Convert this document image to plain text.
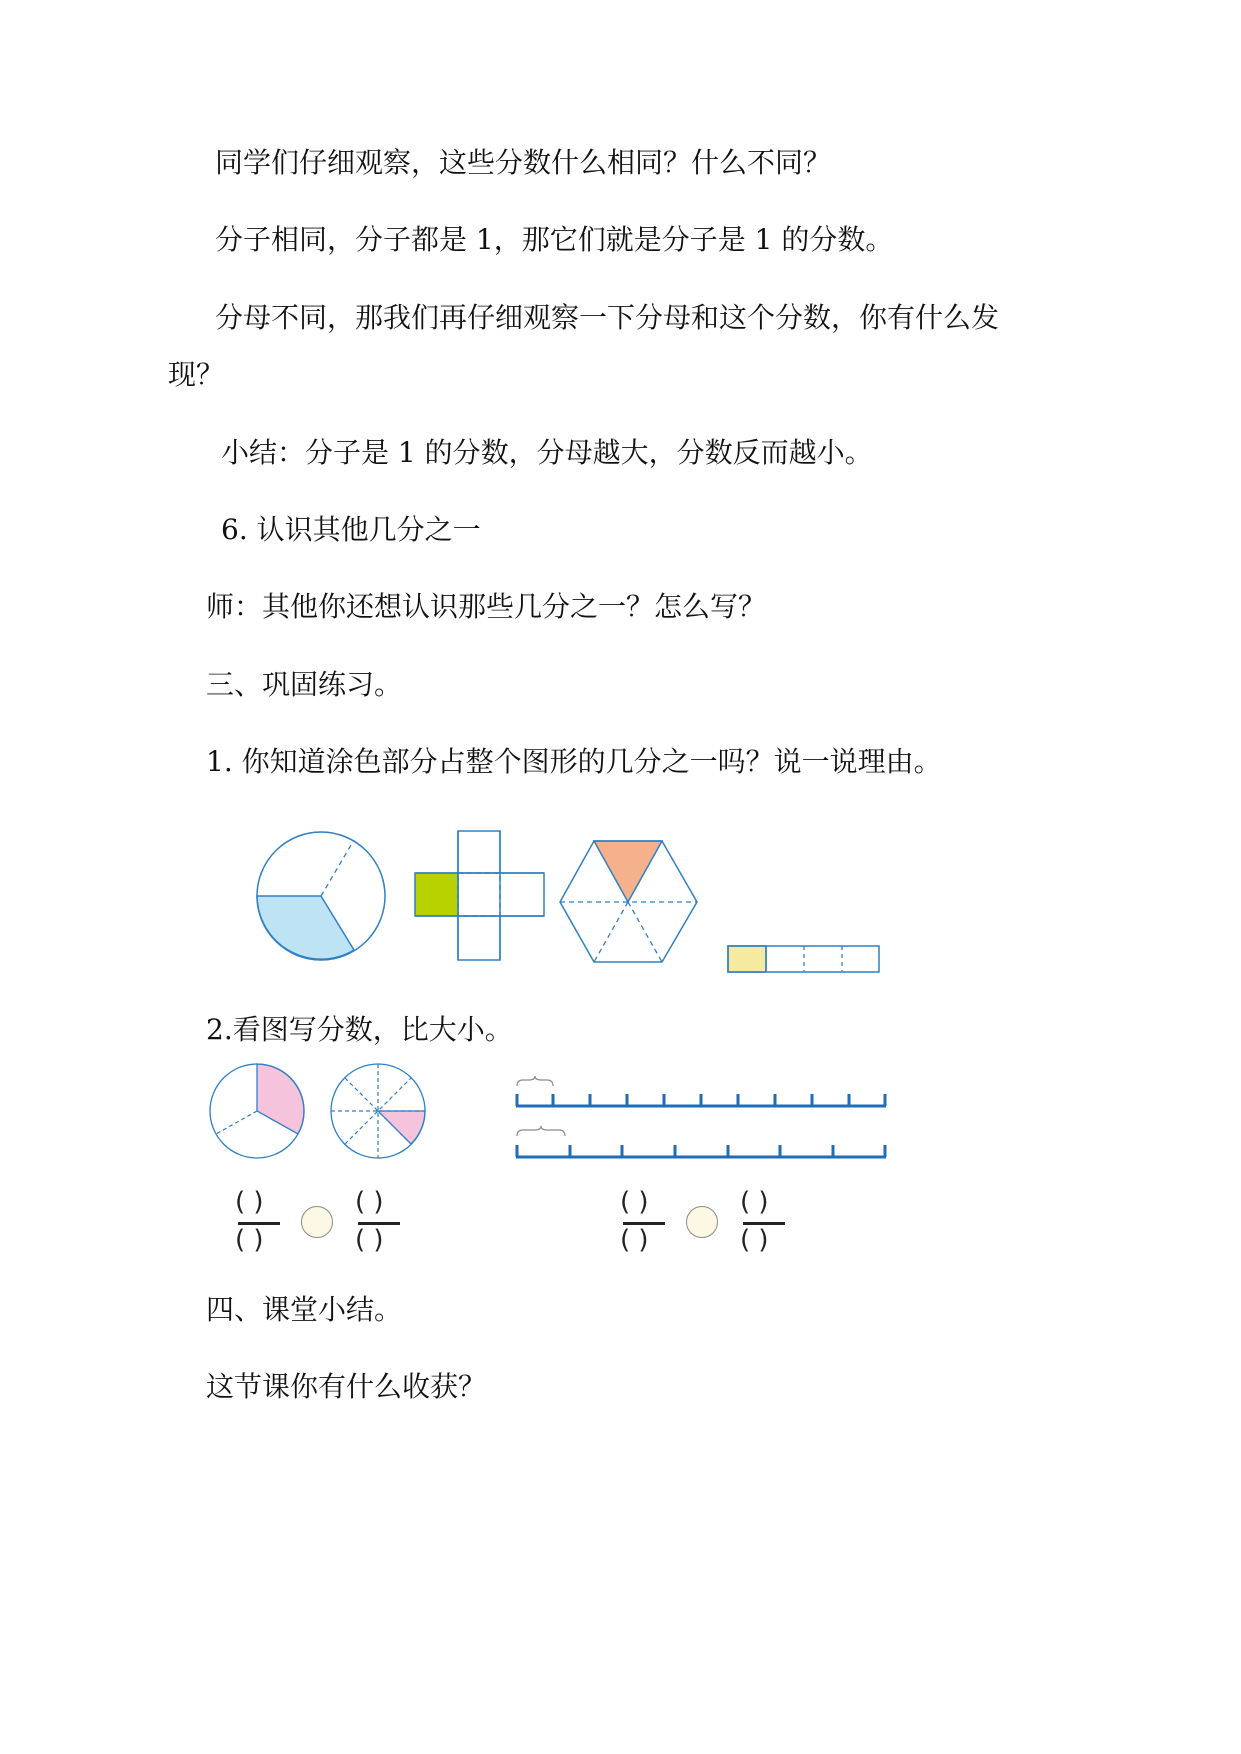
同学们仔细观察，这些分数什么相同？什么不同？
分子相同，分子都是 1，那它们就是分子是 1 的分数。
分母不同，那我们再仔细观察一下分母和这个分数，你有什么发
现？
小结：分子是 1 的分数，分母越大，分数反而越小。
6. 认识其他几分之一
师：其他你还想认识那些几分之一？怎么写？
三、巩固练习。
1. 你知道涂色部分占整个图形的几分之一吗？说一说理由。
2.看图写分数，比大小。
( )
( )
( )
( )
( )
( )
( )
( )
四、课堂小结。
这节课你有什么收获？
